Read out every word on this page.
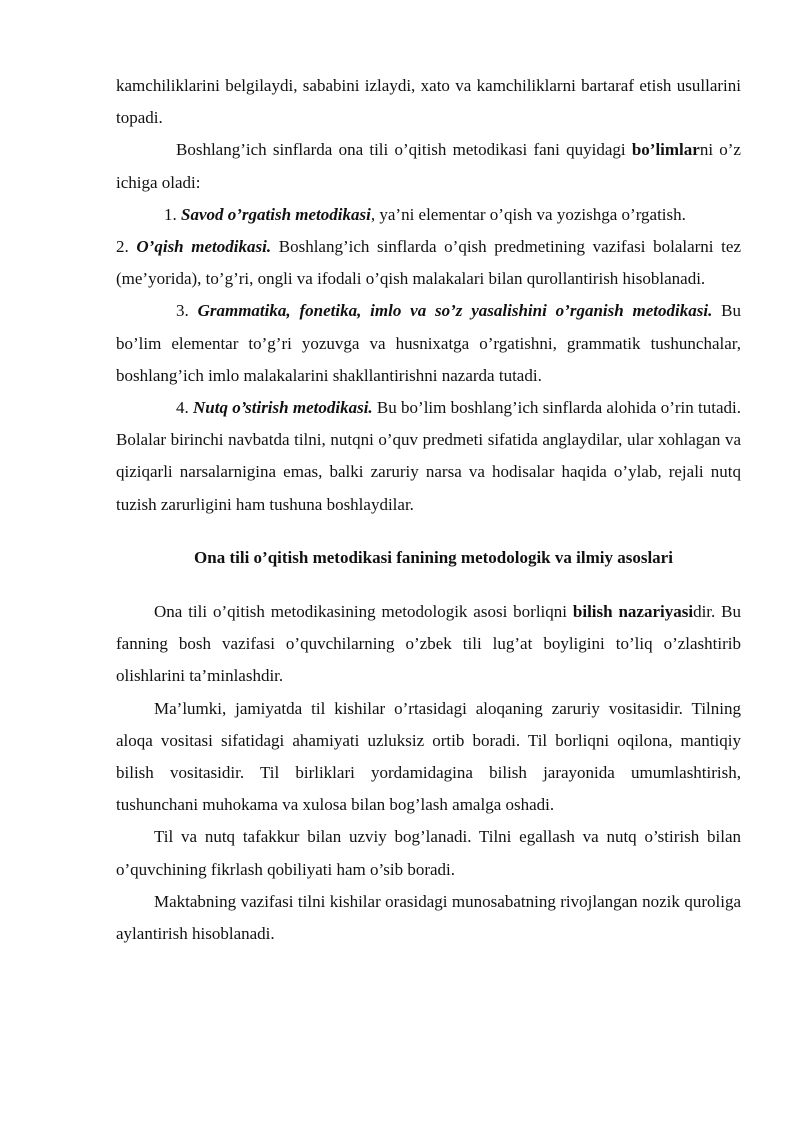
kamchiliklarini belgilaydi, sababini izlaydi, xato va kamchiliklarni bartaraf etish usullarini topadi.

Boshlang’ich sinflarda ona tili o’qitish metodikasi fani quyidagi bo’limlarni o’z ichiga oladi:

1. Savod o’rgatish metodikasi, ya’ni elementar o’qish va yozishga o’rgatish.

2. O’qish metodikasi. Boshlang’ich sinflarda o’qish predmetining vazifasi bolalarni tez (me’yorida), to’g’ri, ongli va ifodali o’qish malakalari bilan qurollantirish hisoblanadi.

3. Grammatika, fonetika, imlo va so’z yasalishini o’rganish metodikasi. Bu bo’lim elementar to’g’ri yozuvga va husnixatga o’rgatishni, grammatik tushunchalar, boshlang’ich imlo malakalarini shakllantirishni nazarda tutadi.

4. Nutq o’stirish metodikasi. Bu bo’lim boshlang’ich sinflarda alohida o’rin tutadi. Bolalar birinchi navbatda tilni, nutqni o’quv predmeti sifatida anglaydilar, ular xohlagan va qiziqarli narsalarnigina emas, balki zaruriy narsa va hodisalar haqida o’ylab, rejali nutq tuzish zarurligini ham tushuna boshlaydilar.

Ona tili o’qitish metodikasi fanining metodologik va ilmiy asoslari

Ona tili o’qitish metodikasining metodologik asosi borliqni bilish nazariyasidir. Bu fanning bosh vazifasi o’quvchilarning o’zbek tili lug’at boyligini to’liq o’zlashtirib olishlarini ta’minlashdir.

Ma’lumki, jamiyatda til kishilar o’rtasidagi aloqaning zaruriy vositasidir. Tilning aloqa vositasi sifatidagi ahamiyati uzluksiz ortib boradi. Til borliqni oqilona, mantiqiy bilish vositasidir. Til birliklari yordamidagina bilish jarayonida umumlashtirish, tushunchani muhokama va xulosa bilan bog’lash amalga oshadi.

Til va nutq tafakkur bilan uzviy bog’lanadi. Tilni egallash va nutq o’stirish bilan o’quvchining fikrlash qobiliyati ham o’sib boradi.

Maktabning vazifasi tilni kishilar orasidagi munosabatning rivojlangan nozik quroliga aylantirish hisoblanadi.
